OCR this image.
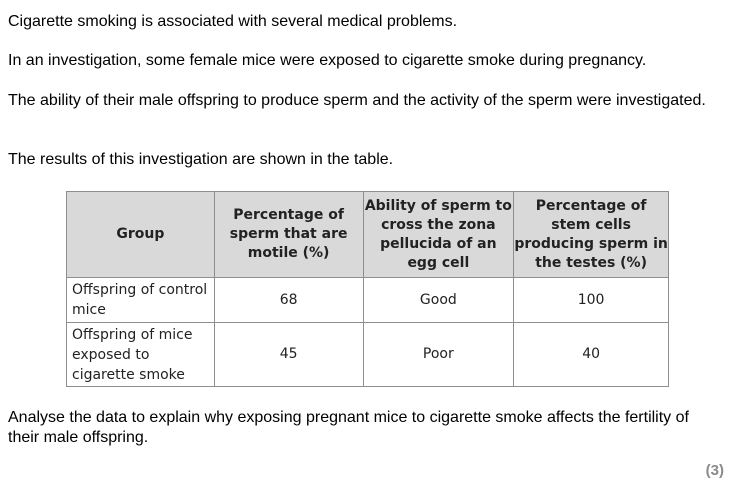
Cigarette smoking is associated with several medical problems.

In an investigation, some female mice were exposed to cigarette smoke during pregnancy.

The ability of their male offspring to produce sperm and the activity of the sperm were investigated.

The results of this investigation are shown in the table.

Group	Percentage of sperm that are motile (%)	Ability of sperm to cross the zona pellucida of an egg cell	Percentage of stem cells producing sperm in the testes (%)
Offspring of control mice	68	Good	100
Offspring of mice exposed to cigarette smoke	45	Poor	40

Analyse the data to explain why exposing pregnant mice to cigarette smoke affects the fertility of their male offspring.

(3)
